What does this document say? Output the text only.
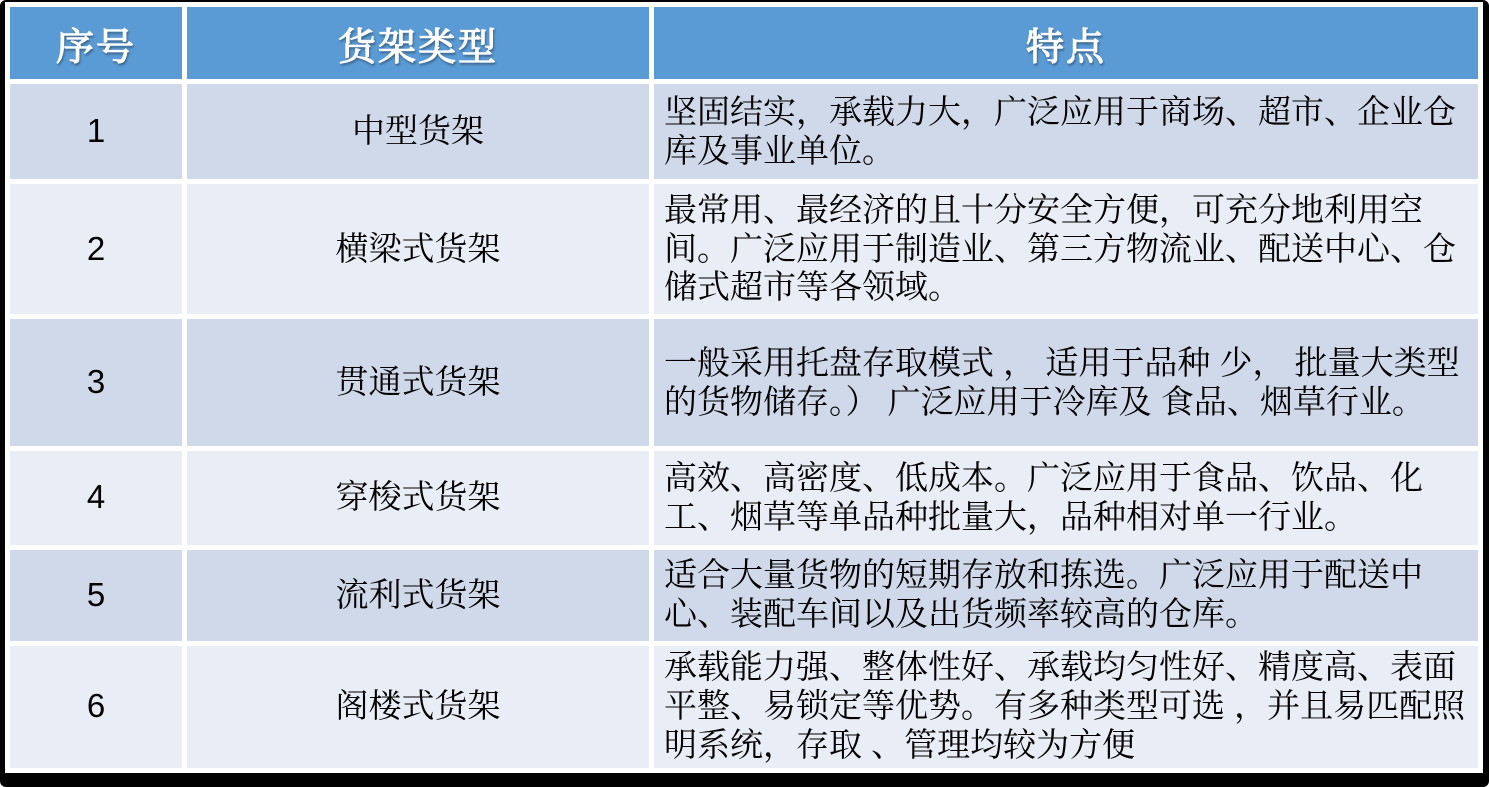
序号	货架类型	特点
1	中型货架	坚固结实，承载力大，广泛应用于商场、超市、企业仓库及事业单位。
2	横梁式货架	最常用、最经济的且十分安全方便，可充分地利用空间。广泛应用于制造业、第三方物流业、配送中心、仓储式超市等各领域。
3	贯通式货架	一般采用托盘存取模式 ， 适用于品种 少， 批量大类型的货物储存。） 广泛应用于冷库及 食品、烟草行业。
4	穿梭式货架	高效、高密度、低成本。广泛应用于食品、饮品、化工、烟草等单品种批量大，品种相对单一行业。
5	流利式货架	适合大量货物的短期存放和拣选。广泛应用于配送中心、装配车间以及出货频率较高的仓库。
6	阁楼式货架	承载能力强、整体性好、承载均匀性好、精度高、表面平整、易锁定等优势。有多种类型可选 ，并且易匹配照明系统，存取 、管理均较为方便
